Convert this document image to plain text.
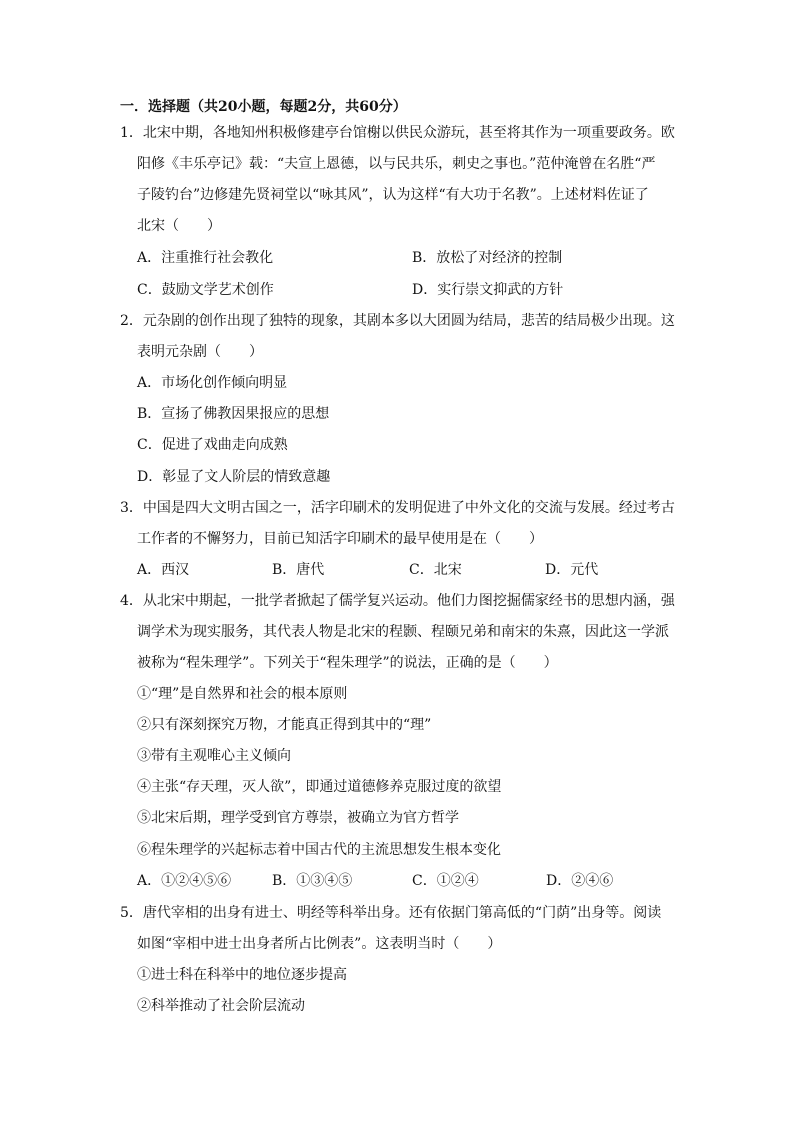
一．选择题（共20小题，每题2分，共60分）
1．北宋中期，各地知州积极修建亭台馆榭以供民众游玩，甚至将其作为一项重要政务。欧
阳修《丰乐亭记》载：“夫宣上恩德，以与民共乐，刺史之事也。”范仲淹曾在名胜“严
子陵钓台”边修建先贤祠堂以“咏其风”，认为这样“有大功于名教”。上述材料佐证了
北宋（　　）
A．注重推行社会教化	B．放松了对经济的控制
C．鼓励文学艺术创作	D．实行崇文抑武的方针
2．元杂剧的创作出现了独特的现象，其剧本多以大团圆为结局，悲苦的结局极少出现。这
表明元杂剧（　　）
A．市场化创作倾向明显
B．宣扬了佛教因果报应的思想
C．促进了戏曲走向成熟
D．彰显了文人阶层的情致意趣
3．中国是四大文明古国之一，活字印刷术的发明促进了中外文化的交流与发展。经过考古
工作者的不懈努力，目前已知活字印刷术的最早使用是在（　　）
A．西汉	B．唐代	C．北宋	D．元代
4．从北宋中期起，一批学者掀起了儒学复兴运动。他们力图挖掘儒家经书的思想内涵，强
调学术为现实服务，其代表人物是北宋的程颢、程颐兄弟和南宋的朱熹，因此这一学派
被称为“程朱理学”。下列关于“程朱理学”的说法，正确的是（　　）
①“理”是自然界和社会的根本原则
②只有深刻探究万物，才能真正得到其中的“理”
③带有主观唯心主义倾向
④主张“存天理，灭人欲”，即通过道德修养克服过度的欲望
⑤北宋后期，理学受到官方尊崇，被确立为官方哲学
⑥程朱理学的兴起标志着中国古代的主流思想发生根本变化
A．①②④⑤⑥	B．①③④⑤	C．①②④	D．②④⑥
5．唐代宰相的出身有进士、明经等科举出身。还有依据门第高低的“门荫”出身等。阅读
如图“宰相中进士出身者所占比例表”。这表明当时（　　）
①进士科在科举中的地位逐步提高
②科举推动了社会阶层流动
